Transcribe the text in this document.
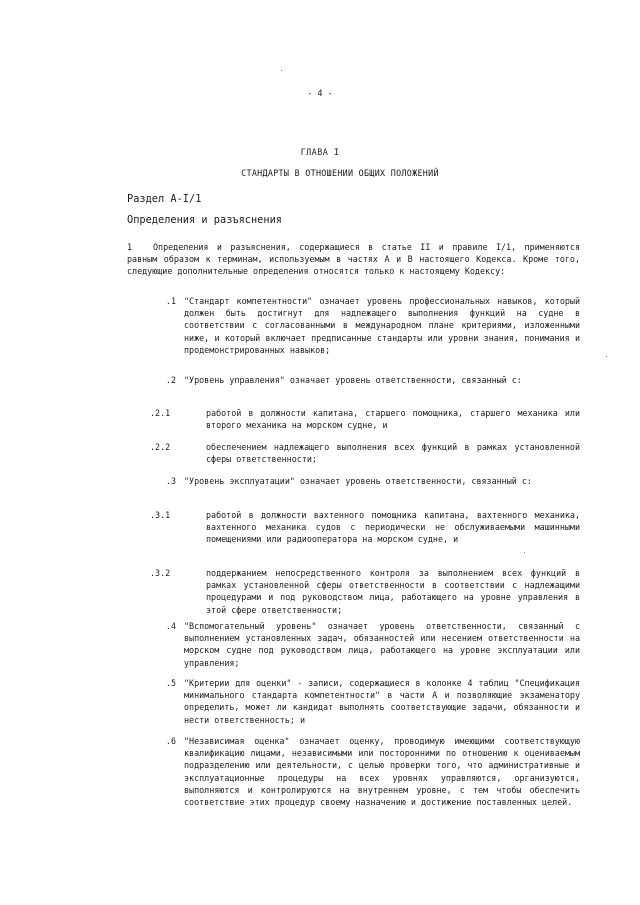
- 4 -
ГЛАВА I
СТАНДАРТЫ В ОТНОШЕНИИ ОБЩИХ ПОЛОЖЕНИЙ
Раздел A-I/1
Определения и разъяснения
1 Определения и разъяснения, содержащиеся в статье II и правиле I/1, применяются равным образом к терминам, используемым в частях A и B настоящего Кодекса. Кроме того, следующие дополнительные определения относятся только к настоящему Кодексу:
.1 "Стандарт компетентности" означает уровень профессиональных навыков, который должен быть достигнут для надлежащего выполнения функций на судне в соответствии с согласованными в международном плане критериями, изложенными ниже, и который включает предписанные стандарты или уровни знания, понимания и продемонстрированных навыков;
.2 "Уровень управления" означает уровень ответственности, связанный с:
.2.1	работой в должности капитана, старшего помощника, старшего механика или второго механика на морском судне, и
.2.2	обеспечением надлежащего выполнения всех функций в рамках установленной сферы ответственности;
.3 "Уровень эксплуатации" означает уровень ответственности, связанный с:
.3.1	работой в должности вахтенного помощника капитана, вахтенного механика, вахтенного механика судов с периодически не обслуживаемыми машинными помещениями или радиооператора на морском судне, и
.3.2	поддержанием непосредственного контроля за выполнением всех функций в рамках установленной сферы ответственности в соответствии с надлежащими процедурами и под руководством лица, работающего на уровне управления в этой сфере ответственности;
.4 "Вспомогательный уровень" означает уровень ответственности, связанный с выполнением установленных задач, обязанностей или несением ответственности на морском судне под руководством лица, работающего на уровне эксплуатации или управления;
.5 "Критерии для оценки" - записи, содержащиеся в колонке 4 таблиц "Спецификация минимального стандарта компетентности" в части A и позволяющие экзаменатору определить, может ли кандидат выполнять соответствующие задачи, обязанности и нести ответственность; и
.6 "Независимая оценка" означает оценку, проводимую имеющими соответствующую квалификацию лицами, независимыми или посторонними по отношению к оцениваемым подразделению или деятельности, с целью проверки того, что административные и эксплуатационные процедуры на всех уровнях управляются, организуются, выполняются и контролируются на внутреннем уровне, с тем чтобы обеспечить соответствие этих процедур своему назначению и достижение поставленных целей.
